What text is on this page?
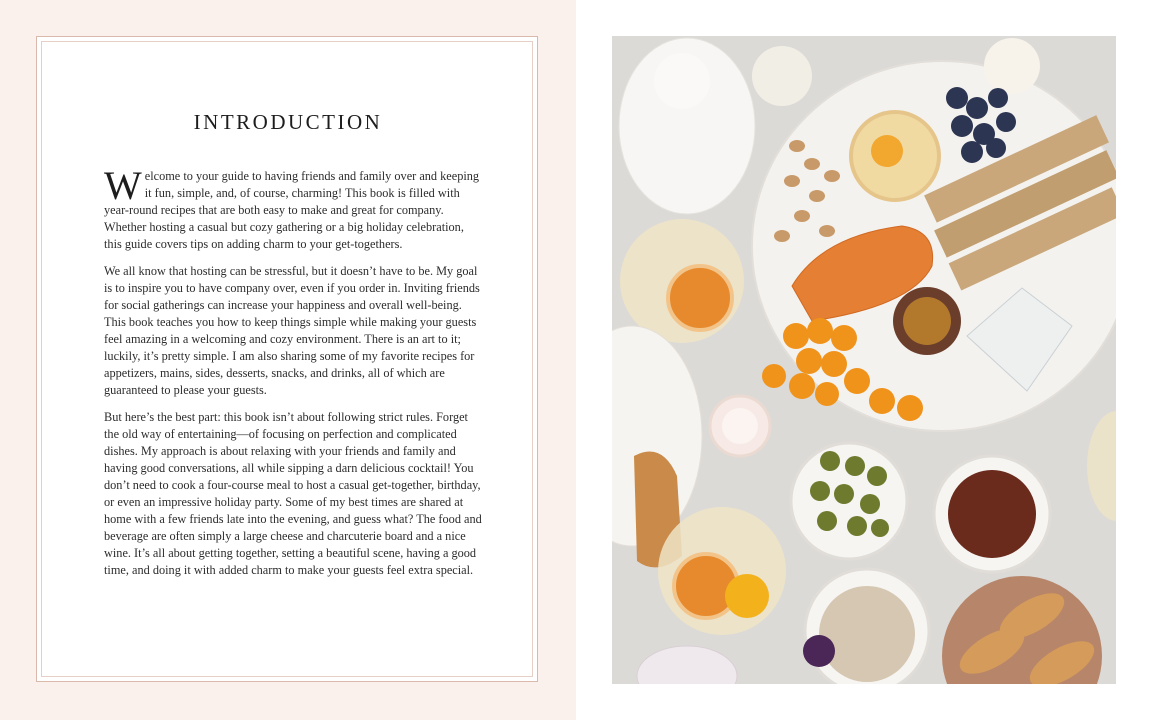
INTRODUCTION

Welcome to your guide to having friends and family over and keeping it fun, simple, and, of course, charming! This book is filled with year-round recipes that are both easy to make and great for company. Whether hosting a casual but cozy gathering or a big holiday celebration, this guide covers tips on adding charm to your get-togethers.

We all know that hosting can be stressful, but it doesn’t have to be. My goal is to inspire you to have company over, even if you order in. Inviting friends for social gatherings can increase your happiness and overall well-being. This book teaches you how to keep things simple while making your guests feel amazing in a welcoming and cozy environment. There is an art to it; luckily, it’s pretty simple. I am also sharing some of my favorite recipes for appetizers, mains, sides, desserts, snacks, and drinks, all of which are guaranteed to please your guests.

But here’s the best part: this book isn’t about following strict rules. Forget the old way of entertaining—of focusing on perfection and complicated dishes. My approach is about relaxing with your friends and family and having good conversations, all while sipping a darn delicious cocktail! You don’t need to cook a four-course meal to host a casual get-together, birthday, or even an impressive holiday party. Some of my best times are shared at home with a few friends late into the evening, and guess what? The food and beverage are often simply a large cheese and charcuterie board and a nice wine. It’s all about getting together, setting a beautiful scene, having a good time, and doing it with added charm to make your guests feel extra special.
